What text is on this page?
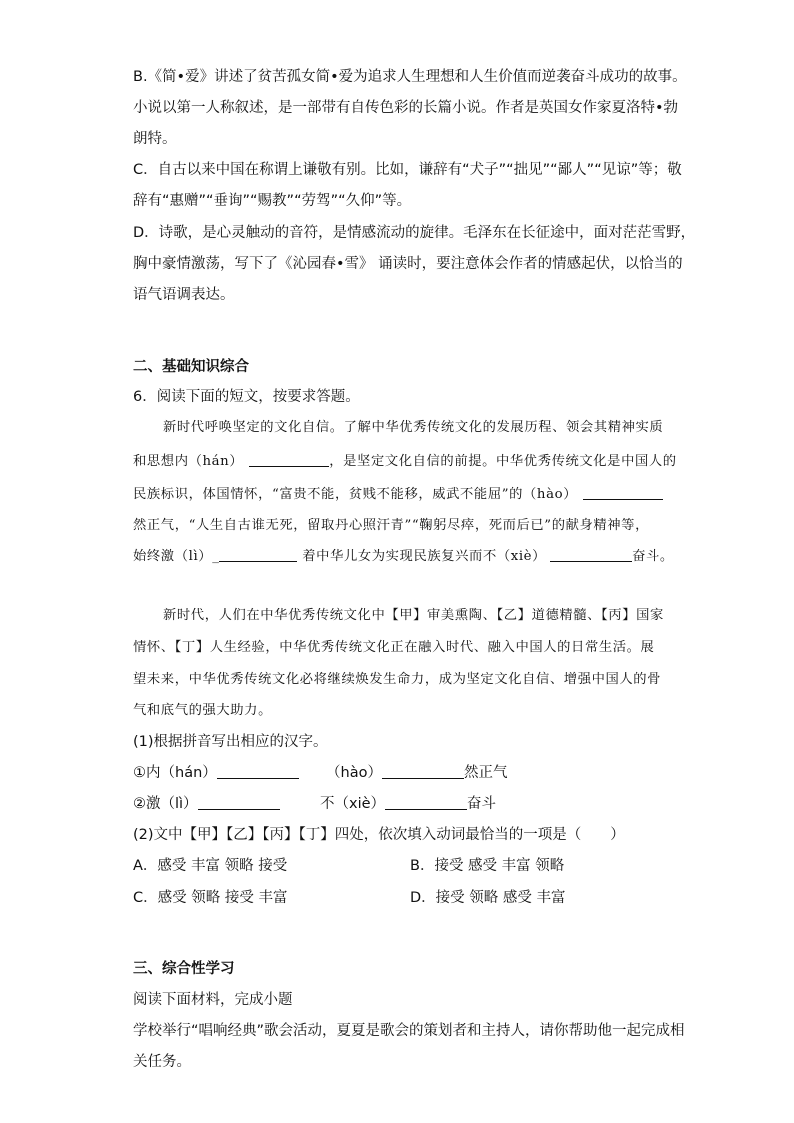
B.《简•爱》讲述了贫苦孤女简•爱为追求人生理想和人生价值而逆袭奋斗成功的故事。
小说以第一人称叙述，是一部带有自传色彩的长篇小说。作者是英国女作家夏洛特•勃
朗特。
C．自古以来中国在称谓上谦敬有别。比如，谦辞有“犬子”“拙见”“鄙人”“见谅”等；敬
辞有“惠赠”“垂询”“赐教”“劳驾”“久仰”等。
D．诗歌，是心灵触动的音符，是情感流动的旋律。毛泽东在长征途中，面对茫茫雪野，
胸中豪情激荡，写下了《沁园春•雪》 诵读时，要注意体会作者的情感起伏，以恰当的
语气语调表达。
二、基础知识综合
6．阅读下面的短文，按要求答题。
新时代呼唤坚定的文化自信。了解中华优秀传统文化的发展历程、领会其精神实质
和思想内（hán）	，是坚定文化自信的前提。中华优秀传统文化是中国人的
民族标识，体国情怀，“富贵不能，贫贱不能移，威武不能屈”的（hào）
然正气，“人生自古谁无死，留取丹心照汗青”“鞠躬尽瘁，死而后已”的献身精神等，
始终激（lì）_	着中华儿女为实现民族复兴而不（xiè）	奋斗。
新时代，人们在中华优秀传统文化中【甲】审美熏陶、【乙】道德精髓、【丙】国家
情怀、【丁】人生经验，中华优秀传统文化正在融入时代、融入中国人的日常生活。展
望未来，中华优秀传统文化必将继续焕发生命力，成为坚定文化自信、增强中国人的骨
气和底气的强大助力。
(1)根据拼音写出相应的汉字。
①内（hán）	（hào）	然正气
②激（lì）	不（xiè）	奋斗
(2)文中【甲】【乙】【丙】【丁】四处，依次填入动词最恰当的一项是（　　）
A．感受 丰富 领略 接受	B．接受 感受 丰富 领略
C．感受 领略 接受 丰富	D．接受 领略 感受 丰富
三、综合性学习
阅读下面材料，完成小题
学校举行“唱响经典”歌会活动，夏夏是歌会的策划者和主持人，请你帮助他一起完成相
关任务。
